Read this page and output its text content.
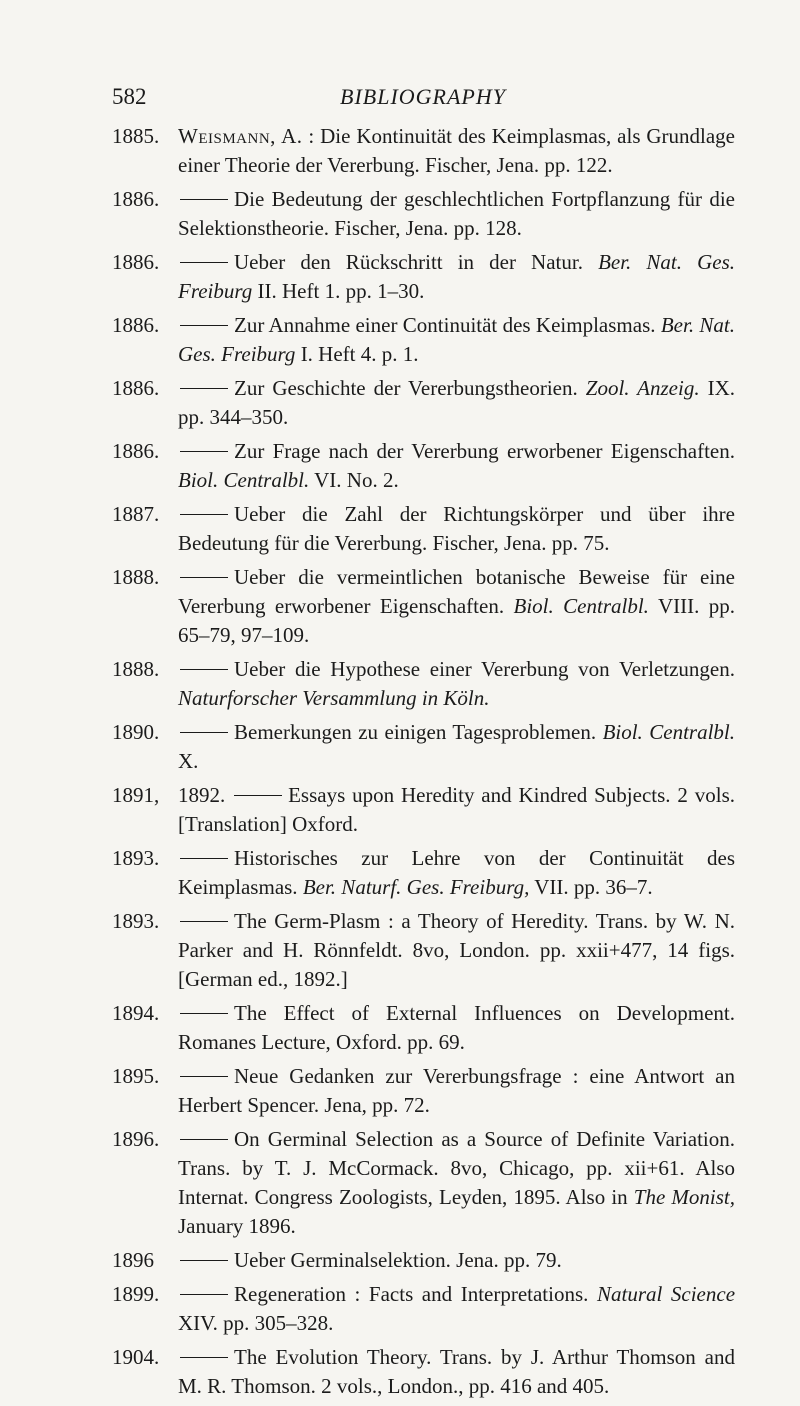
582	BIBLIOGRAPHY
1885. Weismann, A. : Die Kontinuität des Keimplasmas, als Grundlage einer Theorie der Vererbung. Fischer, Jena. pp. 122.
1886.	Die Bedeutung der geschlechtlichen Fortpflanzung für die Selektionstheorie. Fischer, Jena. pp. 128.
1886.	Ueber den Rückschritt in der Natur. Ber. Nat. Ges. Freiburg II. Heft 1. pp. 1–30.
1886.	Zur Annahme einer Continuität des Keimplasmas. Ber. Nat. Ges. Freiburg I. Heft 4. p. 1.
1886.	Zur Geschichte der Vererbungstheorien. Zool. Anzeig. IX. pp. 344–350.
1886.	Zur Frage nach der Vererbung erworbener Eigenschaften. Biol. Centralbl. VI. No. 2.
1887.	Ueber die Zahl der Richtungskörper und über ihre Bedeutung für die Vererbung. Fischer, Jena. pp. 75.
1888.	Ueber die vermeintlichen botanische Beweise für eine Vererbung erworbener Eigenschaften. Biol. Centralbl. VIII. pp. 65–79, 97–109.
1888.	Ueber die Hypothese einer Vererbung von Verletzungen. Naturforscher Versammlung in Köln.
1890.	Bemerkungen zu einigen Tagesproblemen. Biol. Centralbl. X.
1891, 1892.	Essays upon Heredity and Kindred Subjects. 2 vols. [Translation] Oxford.
1893.	Historisches zur Lehre von der Continuität des Keimplasmas. Ber. Naturf. Ges. Freiburg, VII. pp. 36–7.
1893.	The Germ-Plasm : a Theory of Heredity. Trans. by W. N. Parker and H. Rönnfeldt. 8vo, London. pp. xxii+477, 14 figs. [German ed., 1892.]
1894.	The Effect of External Influences on Development. Romanes Lecture, Oxford. pp. 69.
1895.	Neue Gedanken zur Vererbungsfrage : eine Antwort an Herbert Spencer. Jena, pp. 72.
1896.	On Germinal Selection as a Source of Definite Variation. Trans. by T. J. McCormack. 8vo, Chicago, pp. xii+61. Also Internat. Congress Zoologists, Leyden, 1895. Also in The Monist, January 1896.
1896	Ueber Germinalselektion. Jena. pp. 79.
1899.	Regeneration : Facts and Interpretations. Natural Science XIV. pp. 305–328.
1904.	The Evolution Theory. Trans. by J. Arthur Thomson and M. R. Thomson. 2 vols., London., pp. 416 and 405.
